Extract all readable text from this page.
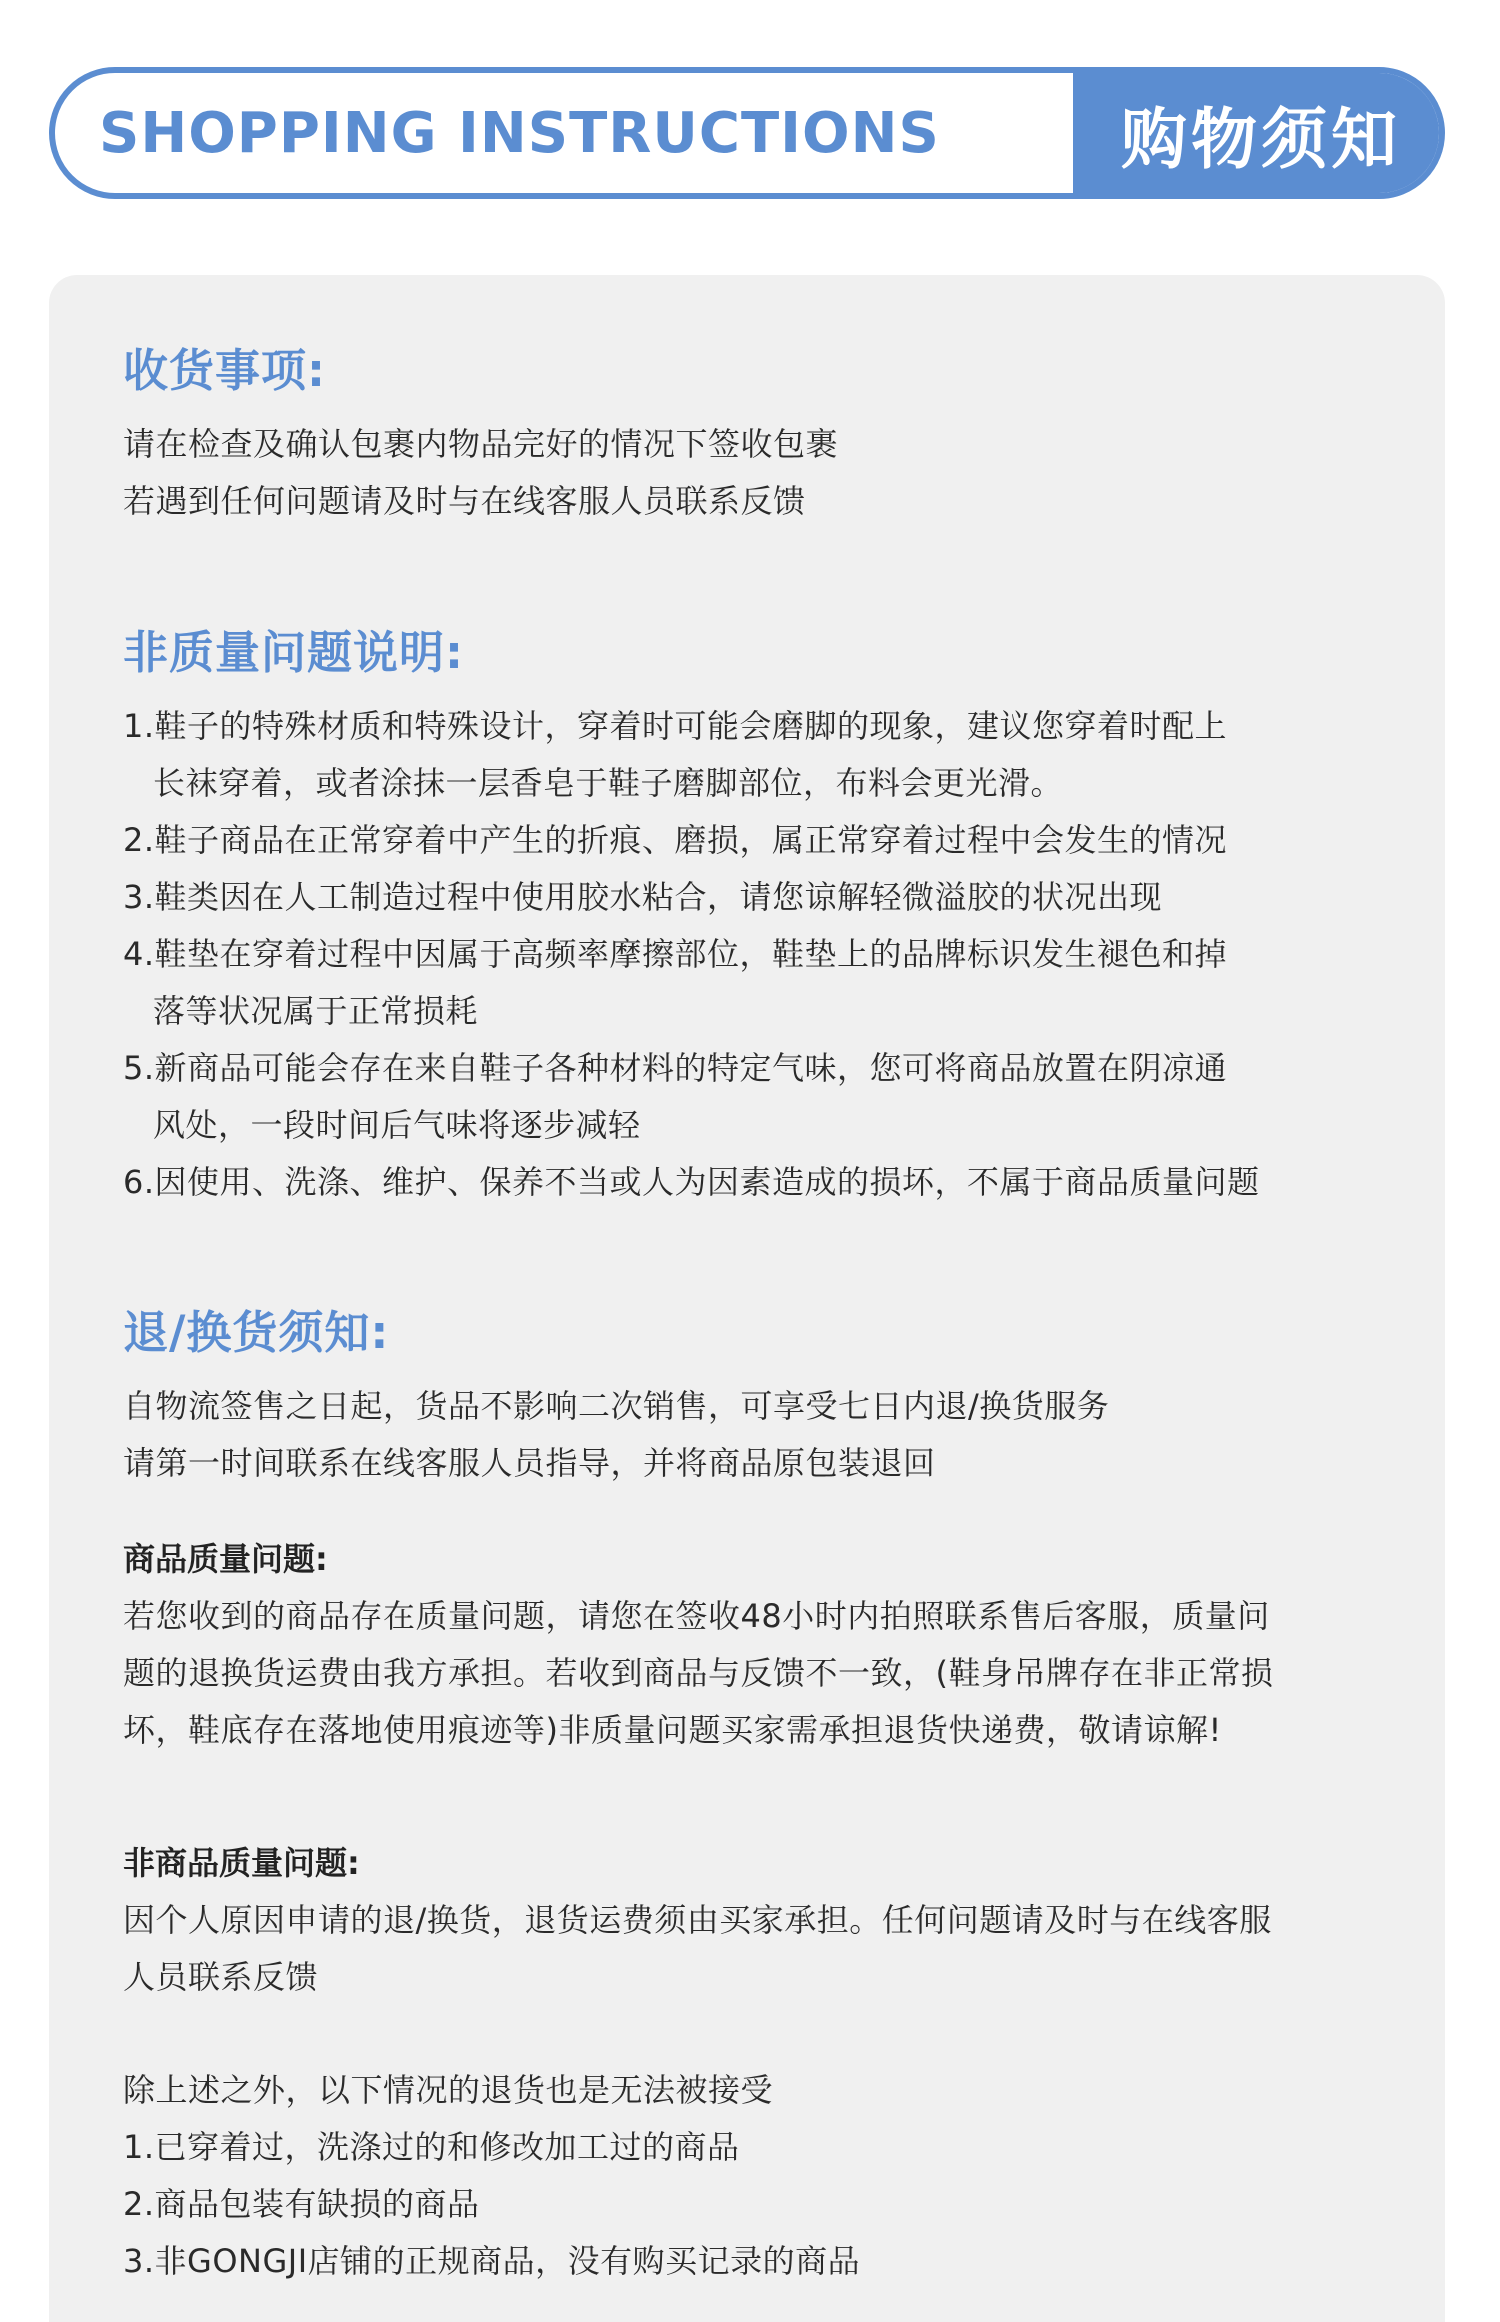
SHOPPING INSTRUCTIONS	购物须知
收货事项:
请在检查及确认包裹内物品完好的情况下签收包裹
若遇到任何问题请及时与在线客服人员联系反馈
非质量问题说明:
1.鞋子的特殊材质和特殊设计，穿着时可能会磨脚的现象，建议您穿着时配上
长袜穿着，或者涂抹一层香皂于鞋子磨脚部位，布料会更光滑。
2.鞋子商品在正常穿着中产生的折痕、磨损，属正常穿着过程中会发生的情况
3.鞋类因在人工制造过程中使用胶水粘合，请您谅解轻微溢胶的状况出现
4.鞋垫在穿着过程中因属于高频率摩擦部位，鞋垫上的品牌标识发生褪色和掉
落等状况属于正常损耗
5.新商品可能会存在来自鞋子各种材料的特定气味，您可将商品放置在阴凉通
风处，一段时间后气味将逐步减轻
6.因使用、洗涤、维护、保养不当或人为因素造成的损坏，不属于商品质量问题
退/换货须知:
自物流签售之日起，货品不影响二次销售，可享受七日内退/换货服务
请第一时间联系在线客服人员指导，并将商品原包装退回
商品质量问题:
若您收到的商品存在质量问题，请您在签收48小时内拍照联系售后客服，质量问
题的退换货运费由我方承担。若收到商品与反馈不一致，(鞋身吊牌存在非正常损
坏，鞋底存在落地使用痕迹等)非质量问题买家需承担退货快递费，敬请谅解!
非商品质量问题:
因个人原因申请的退/换货，退货运费须由买家承担。任何问题请及时与在线客服
人员联系反馈
除上述之外，以下情况的退货也是无法被接受
1.已穿着过，洗涤过的和修改加工过的商品
2.商品包装有缺损的商品
3.非GONGJI店铺的正规商品，没有购买记录的商品
